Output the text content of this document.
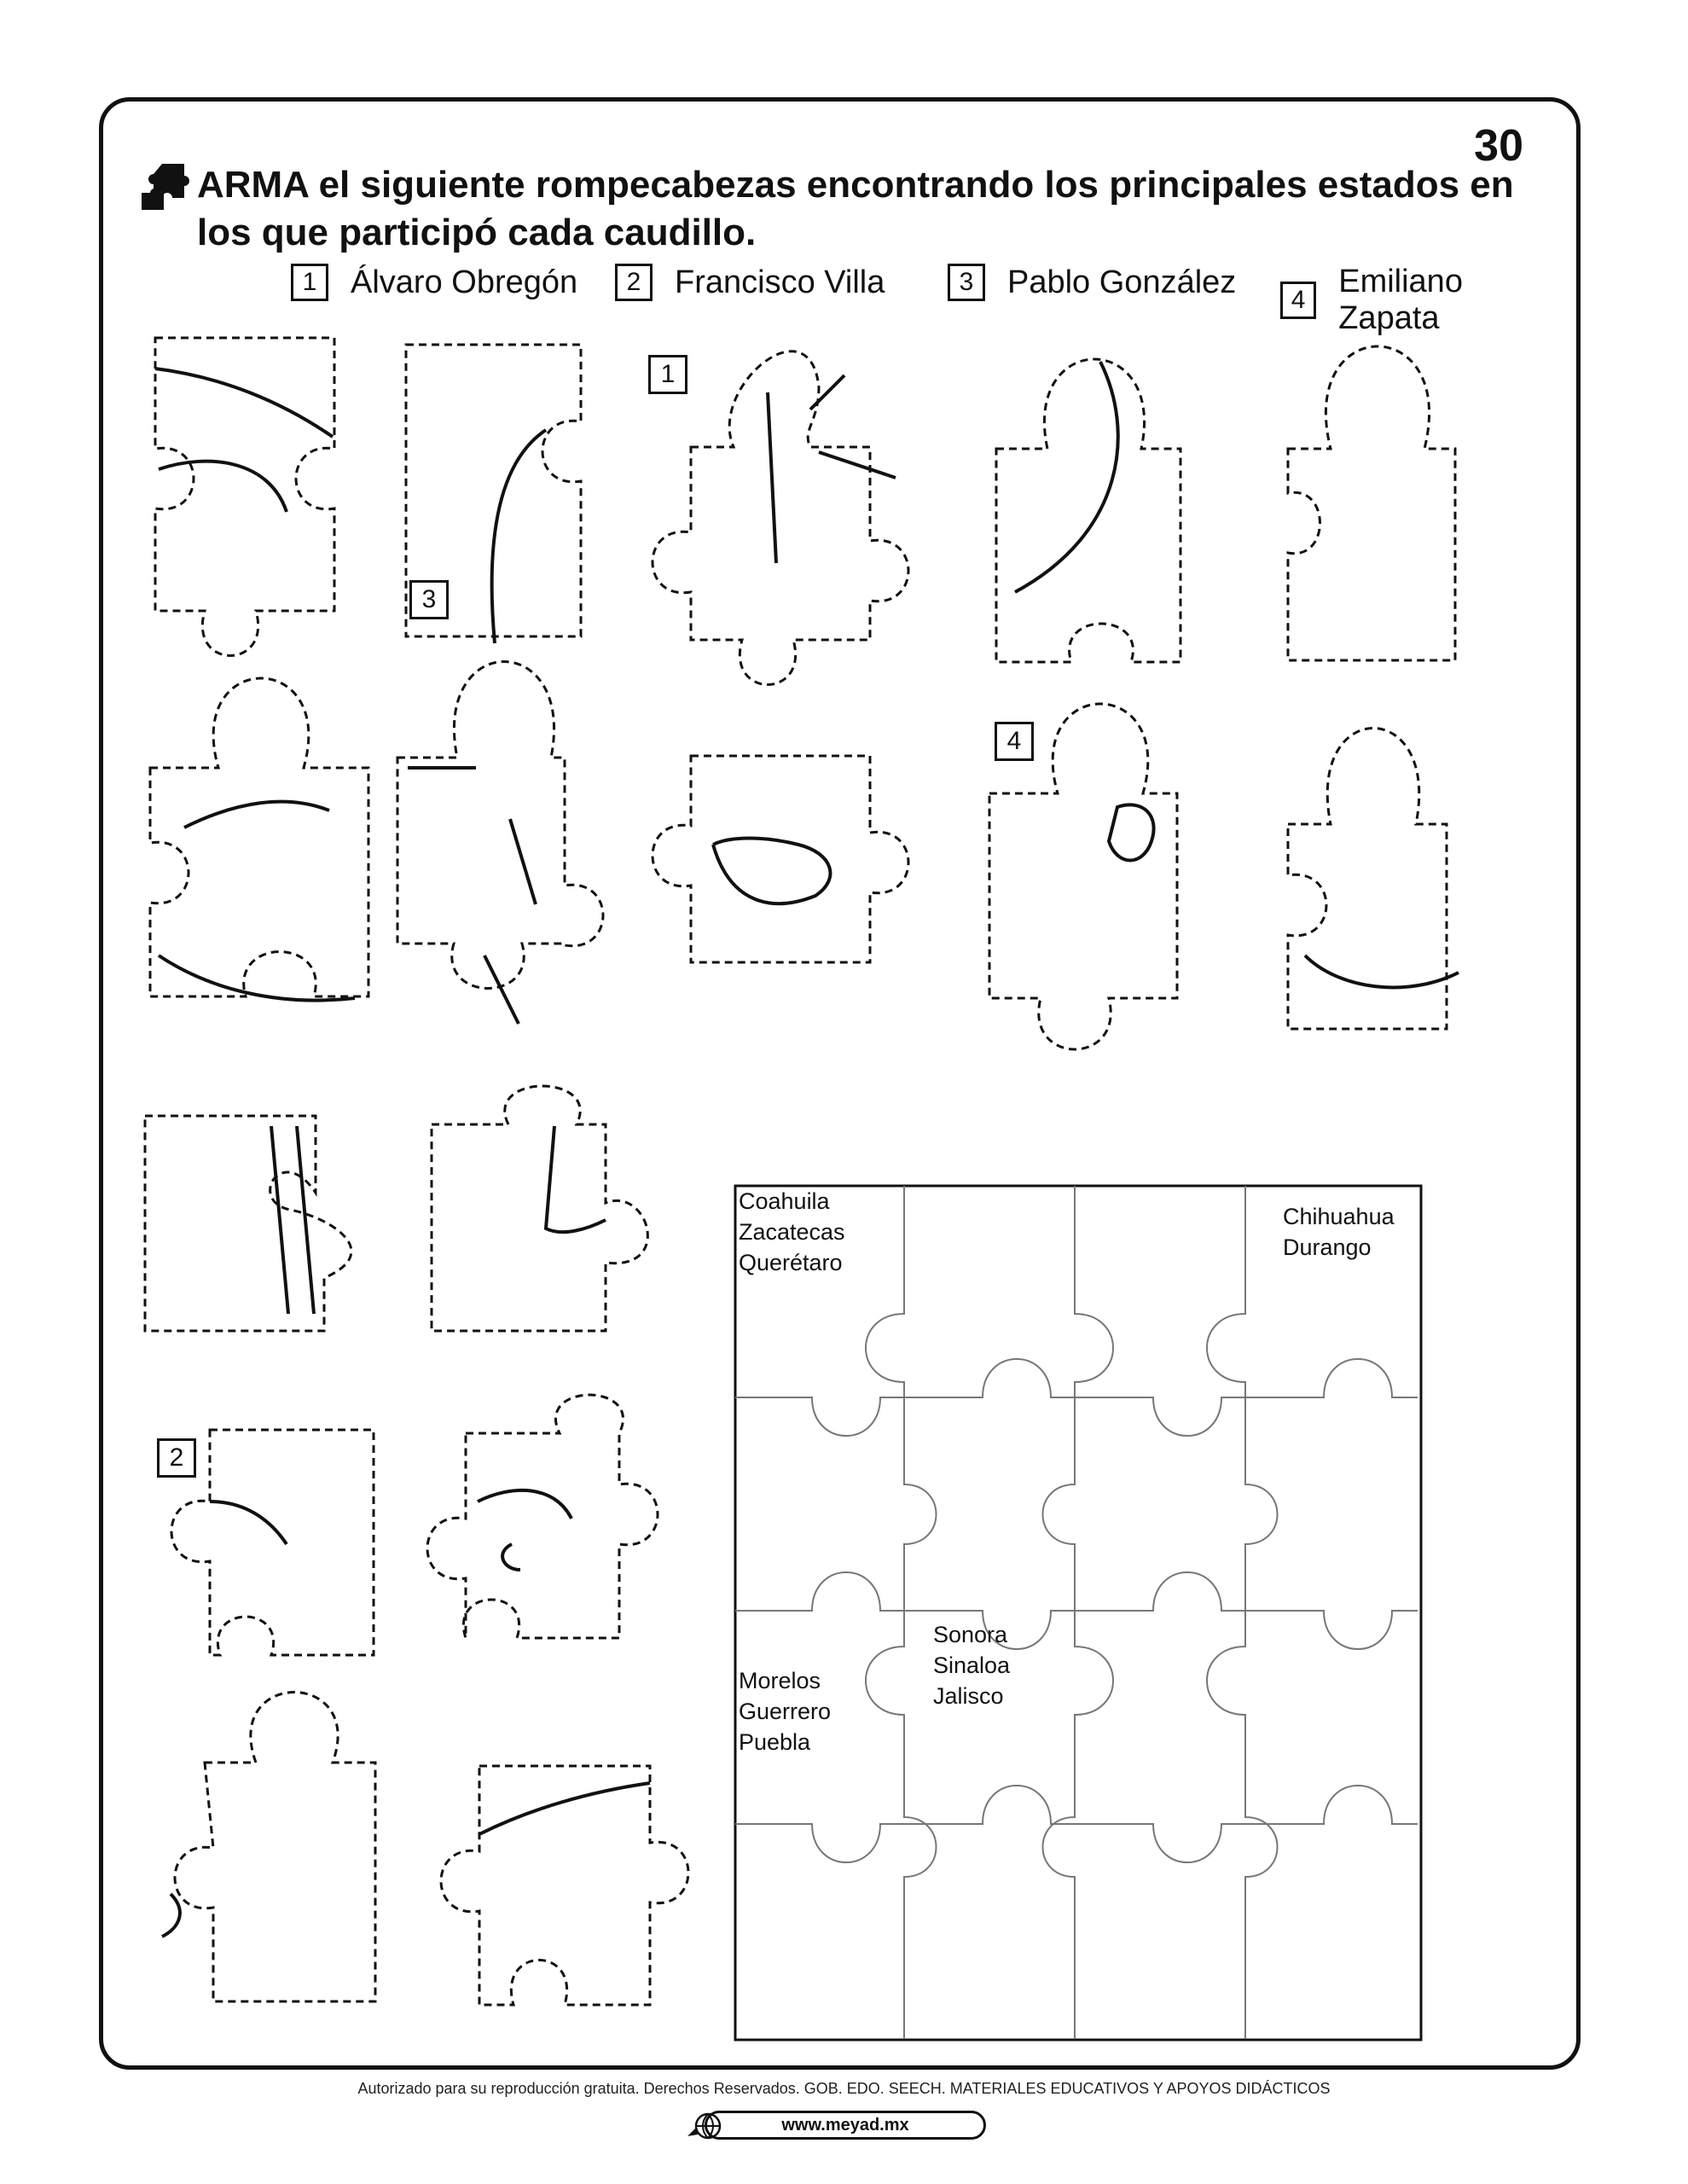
30
ARMA el siguiente rompecabezas encontrando los principales estados en los que participó cada caudillo.
1	Álvaro Obregón	2	Francisco Villa	3	Pablo González	4
Emiliano Zapata
1
3
4
2
Coahuila
Zacatecas
Querétaro
Chihuahua
Durango
Sonora
Sinaloa
Jalisco
Morelos
Guerrero
Puebla
Autorizado para su reproducción gratuita. Derechos Reservados. GOB. EDO. SEECH. MATERIALES EDUCATIVOS Y APOYOS DIDÁCTICOS
www.meyad.mx
